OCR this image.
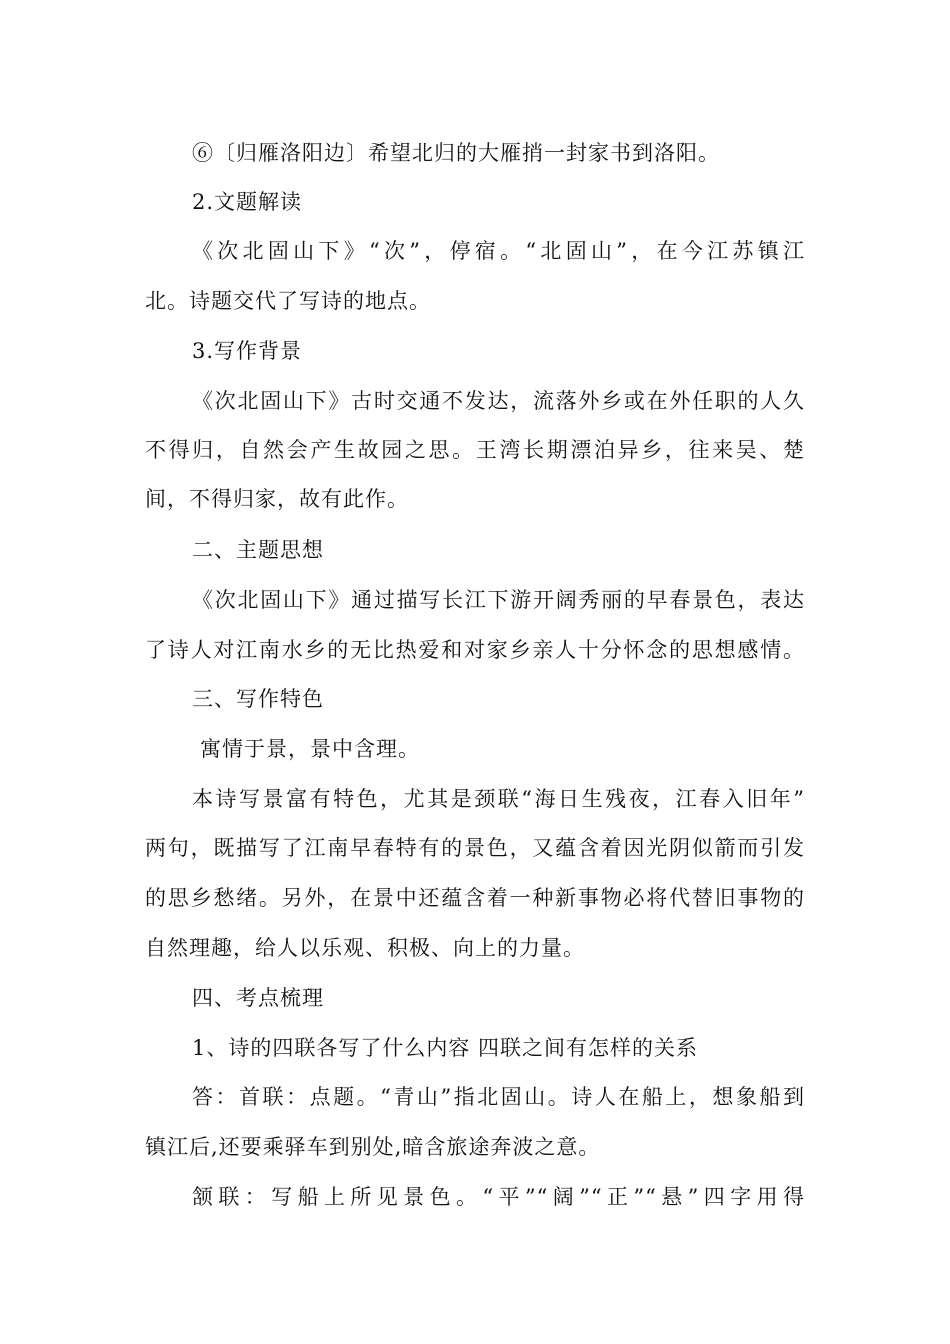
⑥〔归雁洛阳边〕希望北归的大雁捎一封家书到洛阳。
2.文题解读
《次北固山下》“次”，停宿。“北固山”，在今江苏镇江
北。诗题交代了写诗的地点。
3.写作背景
《次北固山下》古时交通不发达，流落外乡或在外任职的人久
不得归，自然会产生故园之思。王湾长期漂泊异乡，往来吴、楚
间，不得归家，故有此作。
二、主题思想
《次北固山下》通过描写长江下游开阔秀丽的早春景色，表达
了诗人对江南水乡的无比热爱和对家乡亲人十分怀念的思想感情。
三、写作特色
寓情于景，景中含理。
本诗写景富有特色，尤其是颈联“海日生残夜，江春入旧年”
两句，既描写了江南早春特有的景色，又蕴含着因光阴似箭而引发
的思乡愁绪。另外，在景中还蕴含着一种新事物必将代替旧事物的
自然理趣，给人以乐观、积极、向上的力量。
四、考点梳理
1、诗的四联各写了什么内容 四联之间有怎样的关系
答：首联：点题。“青山”指北固山。诗人在船上，想象船到
镇江后,还要乘驿车到别处,暗含旅途奔波之意。
颔联：写船上所见景色。“平”“阔”“正”“悬”四字用得
